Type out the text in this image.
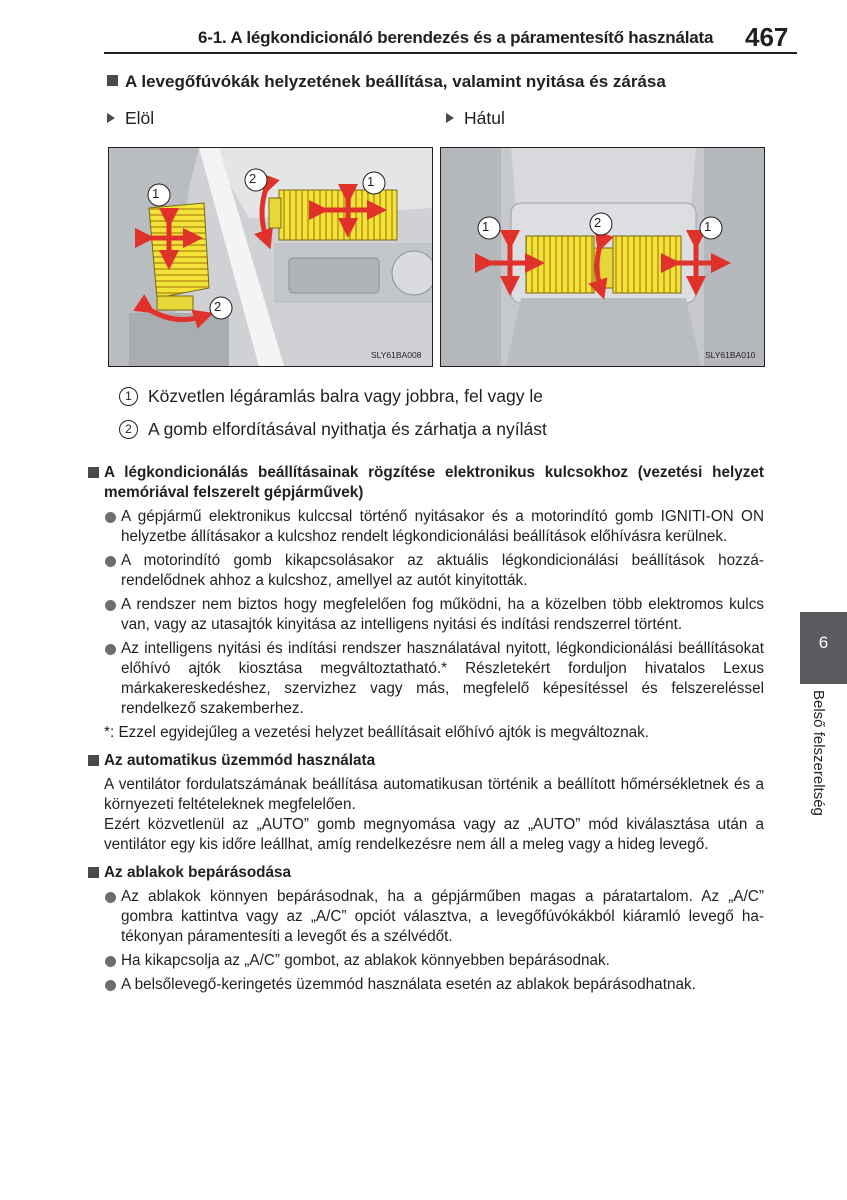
6-1. A légkondicionáló berendezés és a páramentesítő használata 467
A levegőfúvókák helyzetének beállítása, valamint nyitása és zárása
Elöl	Hátul
1
2	1
2
SLY61BA008
1	2	1
SLY61BA010
1 Közvetlen légáramlás balra vagy jobbra, fel vagy le
2 A gomb elfordításával nyithatja és zárhatja a nyílást
A légkondicionálás beállításainak rögzítése elektronikus kulcsokhoz (vezetési helyzet memóriával felszerelt gépjárművek)
A gépjármű elektronikus kulccsal történő nyitásakor és a motorindító gomb IGNITI-ON ON helyzetbe állításakor a kulcshoz rendelt légkondicionálási beállítások előhívásra kerülnek.
A motorindító gomb kikapcsolásakor az aktuális légkondicionálási beállítások hozzárendelődnek ahhoz a kulcshoz, amellyel az autót kinyitották.
A rendszer nem biztos hogy megfelelően fog működni, ha a közelben több elektromos kulcs van, vagy az utasajtók kinyitása az intelligens nyitási és indítási rendszerrel történt.
Az intelligens nyitási és indítási rendszer használatával nyitott, légkondicionálási beállításokat előhívó ajtók kiosztása megváltoztatható.* Részletekért forduljon hivatalos Lexus márkakereskedéshez, szervizhez vagy más, megfelelő képesítéssel és felszereléssel rendelkező szakemberhez.
*: Ezzel egyidejűleg a vezetési helyzet beállításait előhívó ajtók is megváltoznak.
Az automatikus üzemmód használata
A ventilátor fordulatszámának beállítása automatikusan történik a beállított hőmérsékletnek és a környezeti feltételeknek megfelelően.
Ezért közvetlenül az „AUTO” gomb megnyomása vagy az „AUTO” mód kiválasztása után a ventilátor egy kis időre leállhat, amíg rendelkezésre nem áll a meleg vagy a hideg levegő.
Az ablakok bepárásodása
Az ablakok könnyen bepárásodnak, ha a gépjárműben magas a páratartalom. Az „A/C” gombra kattintva vagy az „A/C” opciót választva, a levegőfúvókákból kiáramló levegő hatékonyan páramentesíti a levegőt és a szélvédőt.
Ha kikapcsolja az „A/C” gombot, az ablakok könnyebben bepárásodnak.
A belsőlevegő-keringetés üzemmód használata esetén az ablakok bepárásodhatnak.
6
Belső felszereltség
